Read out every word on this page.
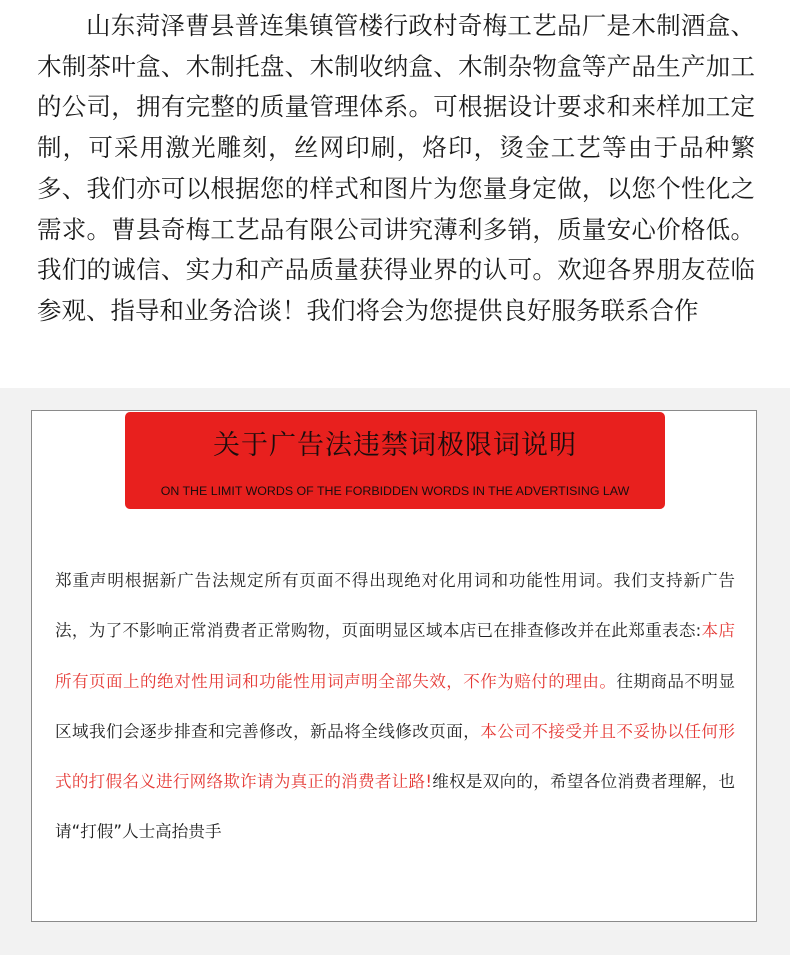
山东菏泽曹县普连集镇管楼行政村奇梅工艺品厂是木制酒盒、木制茶叶盒、木制托盘、木制收纳盒、木制杂物盒等产品生产加工的公司，拥有完整的质量管理体系。可根据设计要求和来样加工定制，可采用激光雕刻，丝网印刷，烙印，烫金工艺等由于品种繁多、我们亦可以根据您的样式和图片为您量身定做，以您个性化之需求。曹县奇梅工艺品有限公司讲究薄利多销，质量安心价格低。我们的诚信、实力和产品质量获得业界的认可。欢迎各界朋友莅临参观、指导和业务洽谈！我们将会为您提供良好服务联系合作

关于广告法违禁词极限词说明
ON THE LIMIT WORDS OF THE FORBIDDEN WORDS IN THE ADVERTISING LAW

郑重声明根据新广告法规定所有页面不得出现绝对化用词和功能性用词。我们支持新广告法，为了不影响正常消费者正常购物，页面明显区域本店已在排查修改并在此郑重表态:本店所有页面上的绝对性用词和功能性用词声明全部失效，不作为赔付的理由。往期商品不明显区域我们会逐步排查和完善修改，新品将全线修改页面，本公司不接受并且不妥协以任何形式的打假名义进行网络欺诈请为真正的消费者让路!维权是双向的，希望各位消费者理解，也请“打假”人士高抬贵手
